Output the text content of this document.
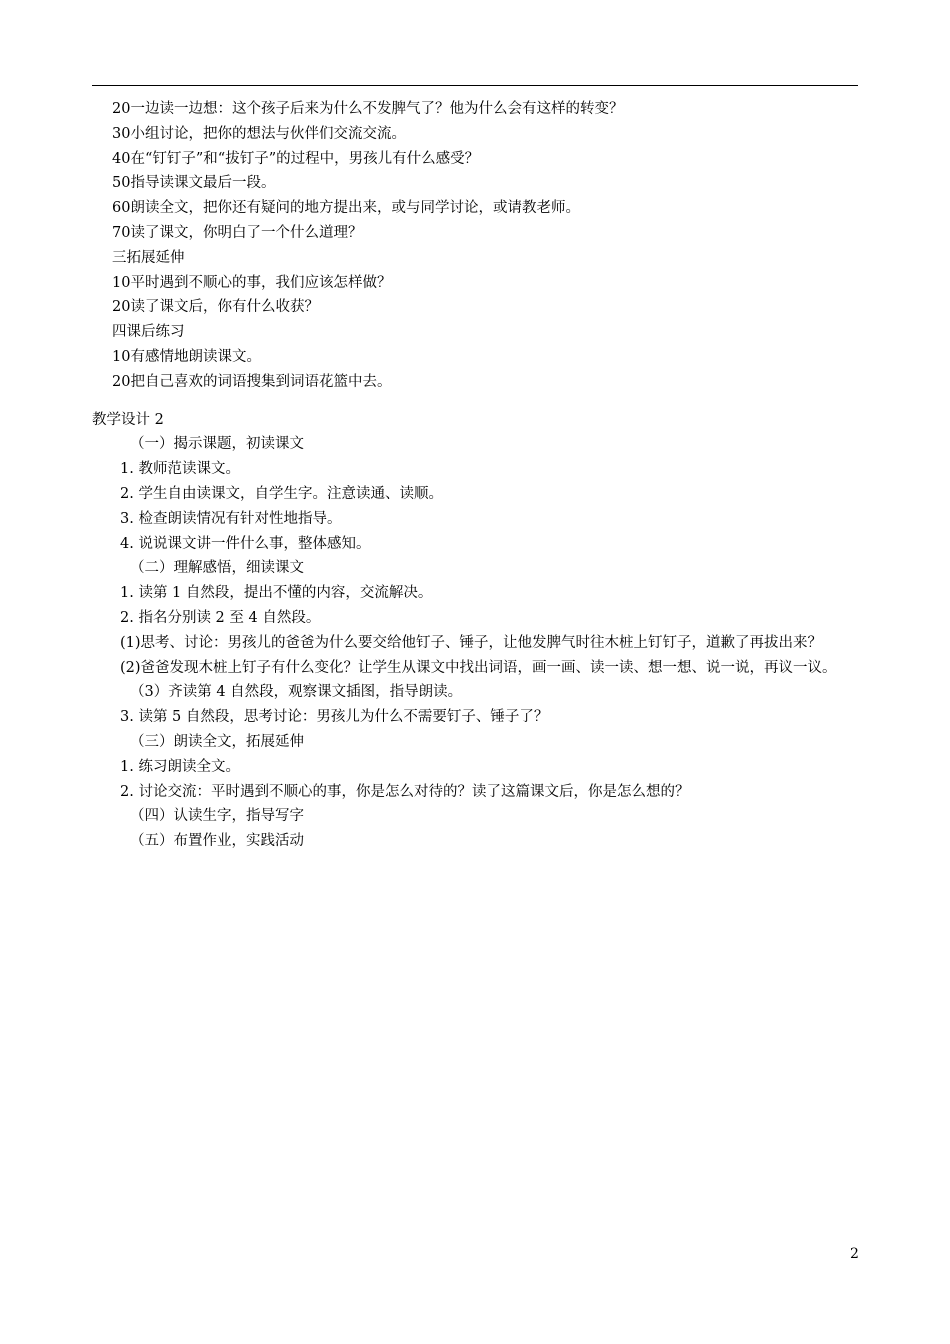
20一边读一边想：这个孩子后来为什么不发脾气了？他为什么会有这样的转变？
30小组讨论，把你的想法与伙伴们交流交流。
40在“钉钉子”和“拔钉子”的过程中，男孩儿有什么感受？
50指导读课文最后一段。
60朗读全文，把你还有疑问的地方提出来，或与同学讨论，或请教老师。
70读了课文，你明白了一个什么道理？
三拓展延伸
10平时遇到不顺心的事，我们应该怎样做？
20读了课文后，你有什么收获？
四课后练习
10有感情地朗读课文。
20把自己喜欢的词语搜集到词语花篮中去。
教学设计 2
（一）揭示课题，初读课文
1. 教师范读课文。
2. 学生自由读课文，自学生字。注意读通、读顺。
3. 检查朗读情况有针对性地指导。
4. 说说课文讲一件什么事，整体感知。
（二）理解感悟，细读课文
1. 读第 1 自然段，提出不懂的内容，交流解决。
2. 指名分别读 2 至 4 自然段。
(1)思考、讨论：男孩儿的爸爸为什么要交给他钉子、锤子，让他发脾气时往木桩上钉钉子，道歉了再拔出来？
(2)爸爸发现木桩上钉子有什么变化？让学生从课文中找出词语，画一画、读一读、想一想、说一说，再议一议。
（3）齐读第 4 自然段，观察课文插图，指导朗读。
3. 读第 5 自然段，思考讨论：男孩儿为什么不需要钉子、锤子了？
（三）朗读全文，拓展延伸
1. 练习朗读全文。
2. 讨论交流：平时遇到不顺心的事，你是怎么对待的？读了这篇课文后，你是怎么想的？
（四）认读生字，指导写字
（五）布置作业，实践活动
2
